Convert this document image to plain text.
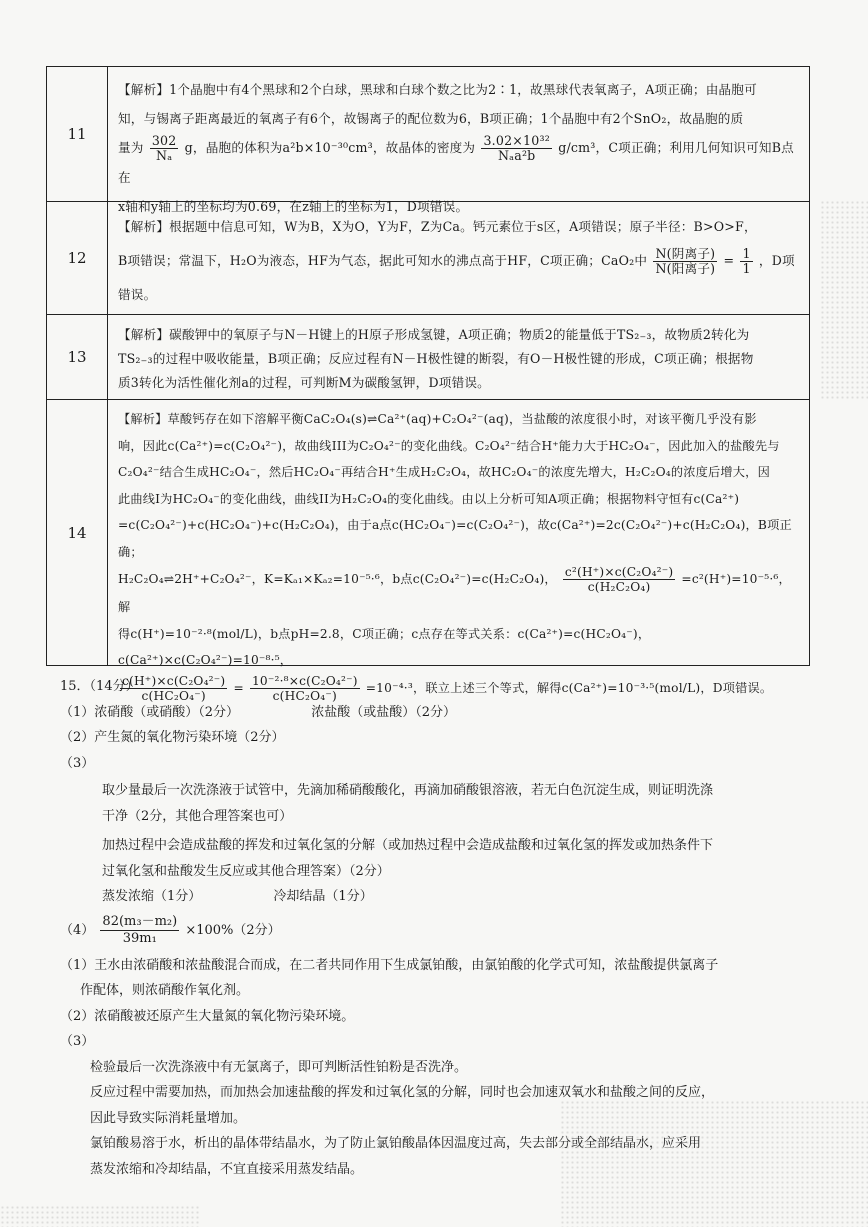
11

【解析】1个晶胞中有4个黑球和2个白球，黑球和白球个数之比为2∶1，故黑球代表氧离子，A项正确；由晶胞可

知，与锡离子距离最近的氧离子有6个，故锡离子的配位数为6，B项正确；1个晶胞中有2个SnO₂，故晶胞的质

量为 $\frac{302}{\text{Nₐ}}$ g，晶胞的体积为a²b×10⁻³⁰cm³，故晶体的密度为 $\frac{\text{3.02×10³²}}{\text{Nₐa²b}} g/cm^3$，C项正确；利用几何知识可知B点在

x轴和y轴上的坐标均为0.69，在z轴上的坐标为1，D项错误。

12

【解析】根据题中信息可知，W为B，X为O，Y为F，Z为Ca。钙元素位于s区，A项错误；原子半径：B>O>F，

B项错误；常温下，H₂O为液态，HF为气态，据此可知水的沸点高于HF，C项正确；CaO₂中 $\frac{\text{N(阴离子)}}{\text{N(阳离子)}} = \frac{1}{1}$ ，D项

错误。

13

【解析】碳酸钾中的氧原子与N－H键上的H原子形成氢键，A项正确；物质2的能量低于TS₂₋₃，故物质2转化为

TS₂₋₃的过程中吸收能量，B项正确；反应过程有N－H极性键的断裂，有O－H极性键的形成，C项正确；根据物

质3转化为活性催化剂a的过程，可判断M为碳酸氢钾，D项错误。

14

【解析】草酸钙存在如下溶解平衡CaC₂O₄(s)⇌Ca²⁺(aq)+C₂O₄²⁻(aq)，当盐酸的浓度很小时，对该平衡几乎没有影

响，因此c(Ca²⁺)=c(C₂O₄²⁻)，故曲线III为C₂O₄²⁻的变化曲线。C₂O₄²⁻结合H⁺能力大于HC₂O₄⁻，因此加入的盐酸先与

C₂O₄²⁻结合生成HC₂O₄⁻，然后HC₂O₄⁻再结合H⁺生成H₂C₂O₄，故HC₂O₄⁻的浓度先增大，H₂C₂O₄的浓度后增大，因

此曲线I为HC₂O₄⁻的变化曲线，曲线II为H₂C₂O₄的变化曲线。由以上分析可知A项正确；根据物料守恒有c(Ca²⁺)

=c(C₂O₄²⁻)+c(HC₂O₄⁻)+c(H₂C₂O₄)，由于a点c(HC₂O₄⁻)=c(C₂O₄²⁻)，故c(Ca²⁺)=2c(C₂O₄²⁻)+c(H₂C₂O₄)，B项正确；

H₂C₂O₄⇌2H⁺+C₂O₄²⁻，K=Kₐ₁×Kₐ₂=10⁻⁵·⁶，b点c(C₂O₄²⁻)=c(H₂C₂O₄)， $\frac{\text{c²(H⁺)×c(C₂O₄²⁻)}}{\text{c(H₂C₂O₄)}} =c^2(H^+)=10^{-5}\cdot^6$，解

得c(H⁺)=10⁻²·⁸(mol/L)，b点pH=2.8，C项正确；c点存在等式关系：c(Ca²⁺)=c(HC₂O₄⁻)，c(Ca²⁺)×c(C₂O₄²⁻)=10⁻⁸·⁵，

$\frac{\text{c(H⁺)×c(C₂O₄²⁻)}}{\text{c(HC₂O₄⁻)}} = \frac{\text{10⁻²·⁸×c(C₂O₄²⁻)}}{\text{c(HC₂O₄⁻)}} =10^{-4}\cdot^3$，联立上述三个等式，解得c(Ca²⁺)=10⁻³·⁵(mol/L)，D项错误。

15．（14分）

（1）浓硝酸（或硝酸）（2分）	浓盐酸（或盐酸）（2分）

（2）产生氮的氧化物污染环境（2分）

（3）

取少量最后一次洗涤液于试管中，先滴加稀硝酸酸化，再滴加硝酸银溶液，若无白色沉淀生成，则证明洗涤

干净（2分，其他合理答案也可）

加热过程中会造成盐酸的挥发和过氧化氢的分解（或加热过程中会造成盐酸和过氧化氢的挥发或加热条件下

过氧化氢和盐酸发生反应或其他合理答案）（2分）

蒸发浓缩（1分）	冷却结晶（1分）

$(4) \frac{\text{82(m₃－m₂)}}{\text{39m₁}} \times 100\%(2$分）

（1）王水由浓硝酸和浓盐酸混合而成，在二者共同作用下生成氯铂酸，由氯铂酸的化学式可知，浓盐酸提供氯离子

作配体，则浓硝酸作氧化剂。

（2）浓硝酸被还原产生大量氮的氧化物污染环境。

（3）

检验最后一次洗涤液中有无氯离子，即可判断活性铂粉是否洗净。

反应过程中需要加热，而加热会加速盐酸的挥发和过氧化氢的分解，同时也会加速双氧水和盐酸之间的反应，

因此导致实际消耗量增加。

氯铂酸易溶于水，析出的晶体带结晶水，为了防止氯铂酸晶体因温度过高，失去部分或全部结晶水，应采用

蒸发浓缩和冷却结晶，不宜直接采用蒸发结晶。
